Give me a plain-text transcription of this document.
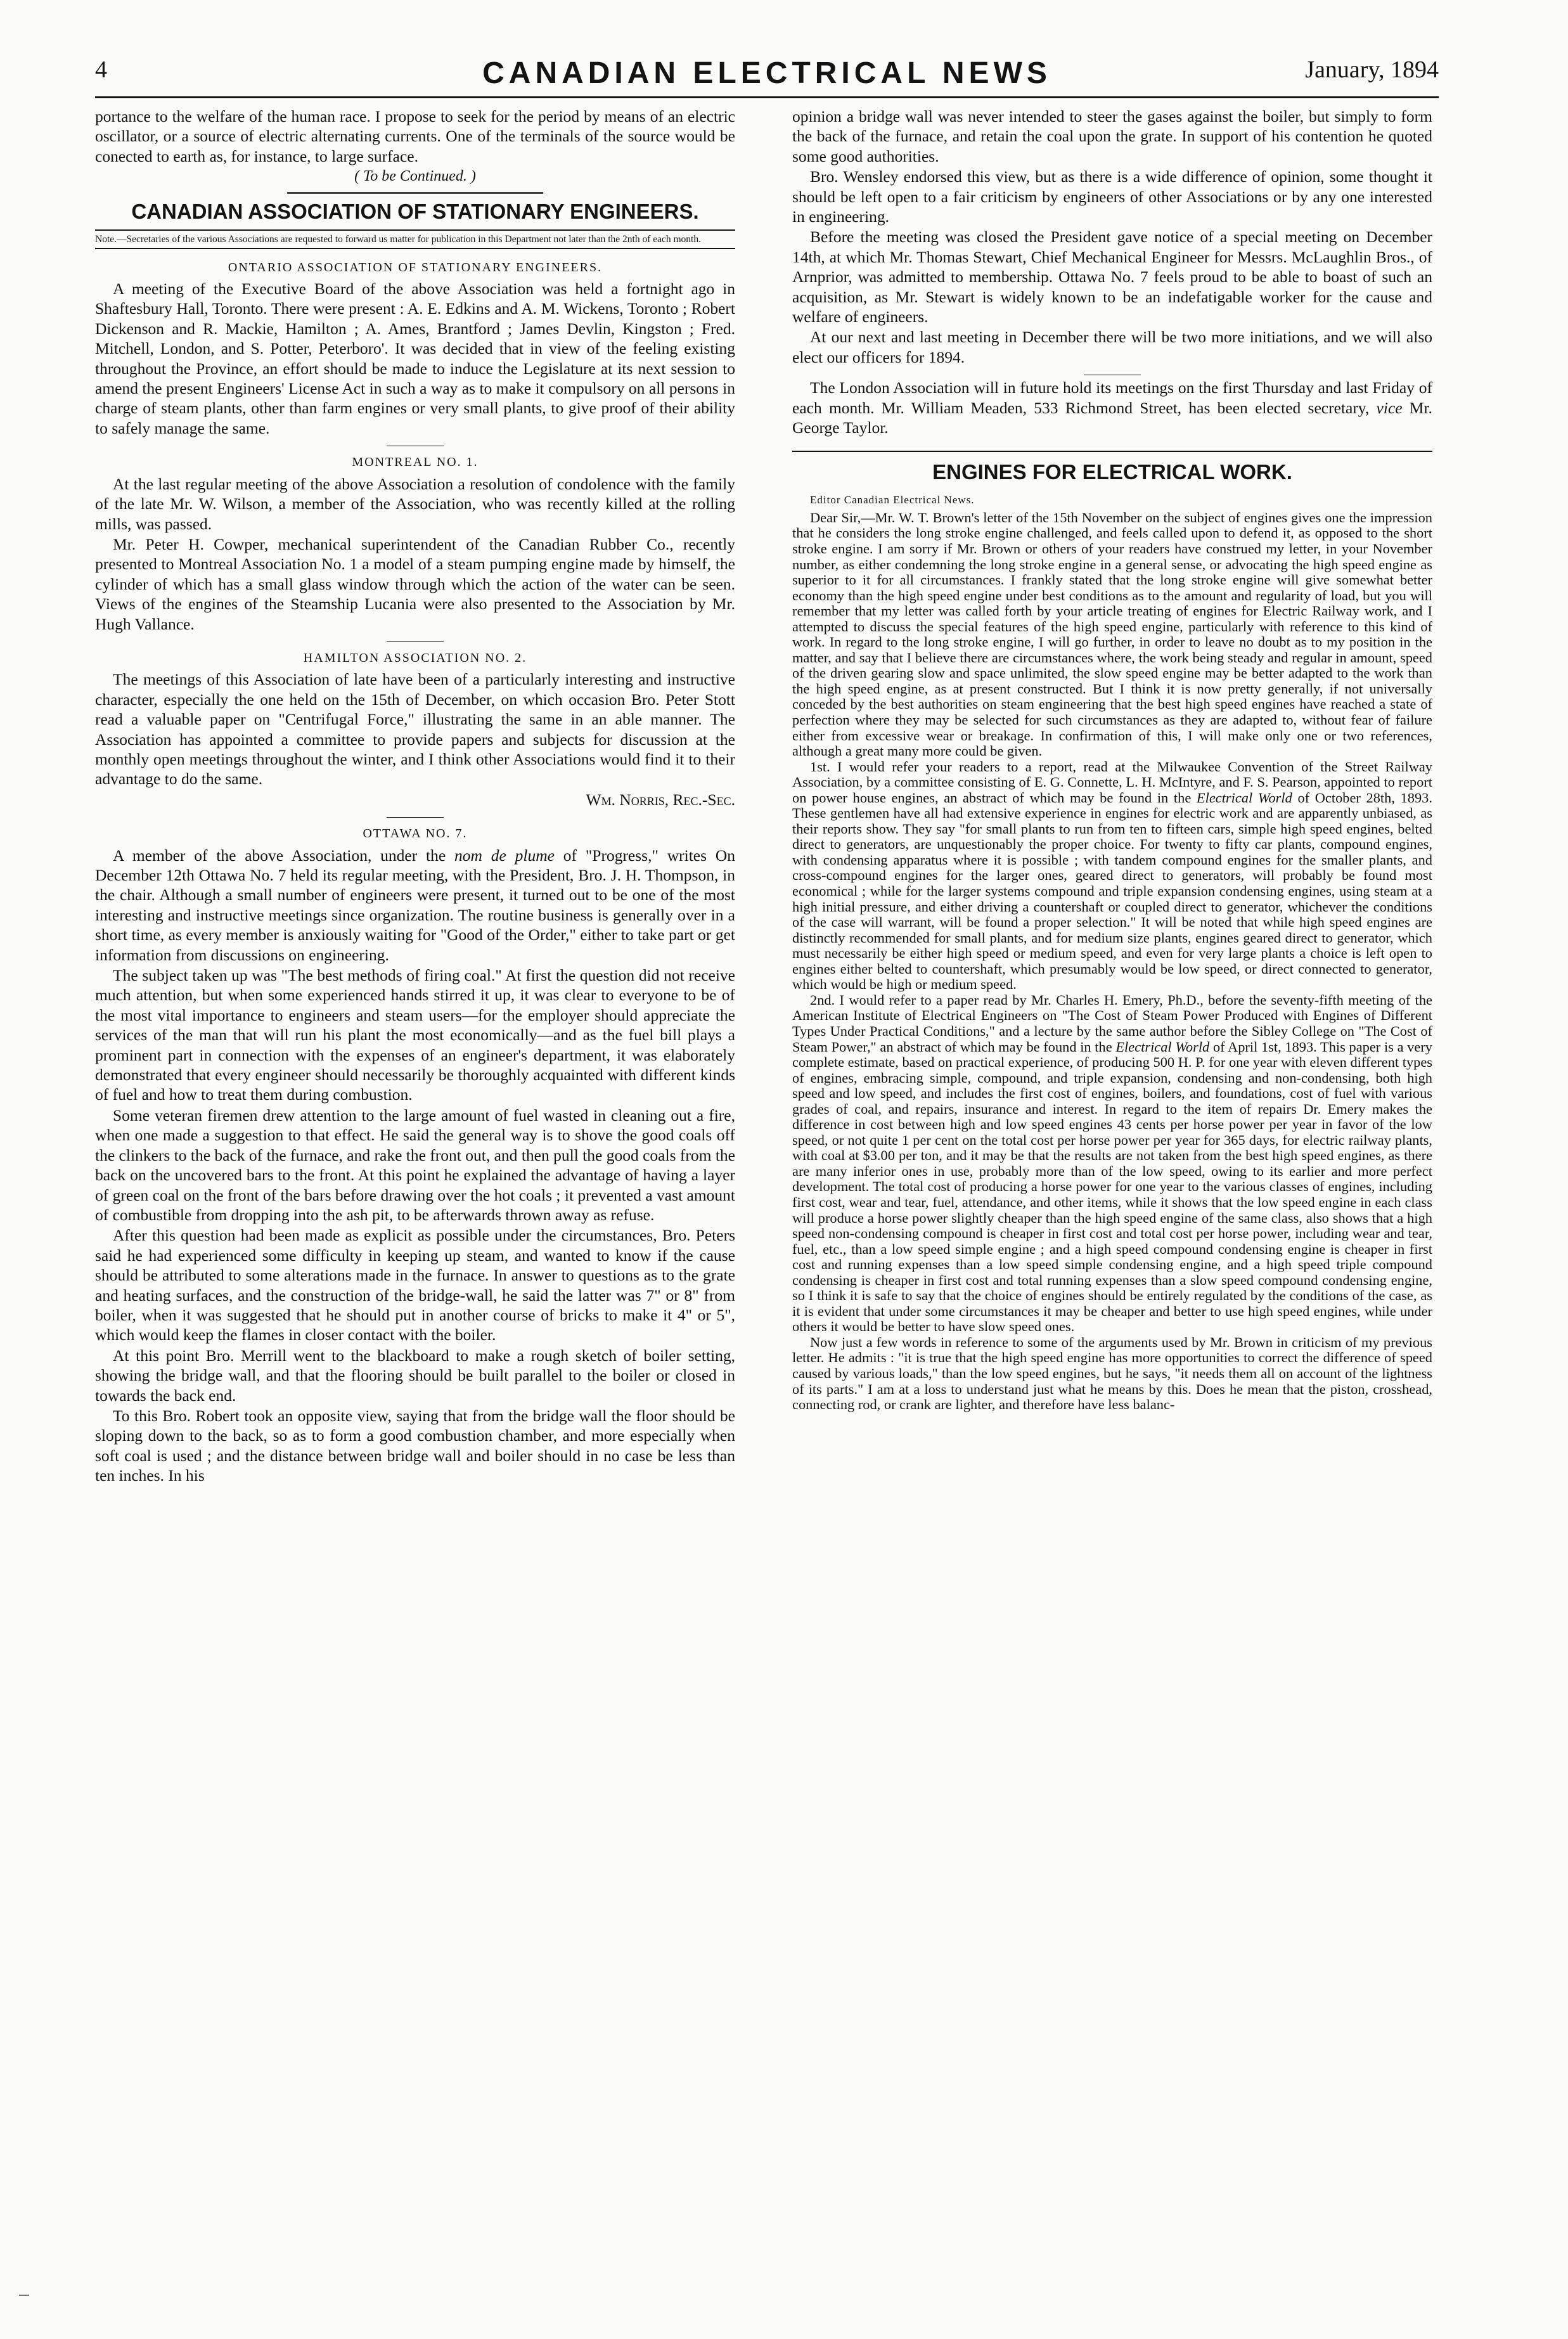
CANADIAN ELECTRICAL NEWS
4	January, 1894

portance to the welfare of the human race. I propose to seek for the period by means of an electric oscillator, or a source of electric alternating currents. One of the terminals of the source would be conected to earth as, for instance, to large surface.

( To be Continued. )
CANADIAN ASSOCIATION OF STATIONARY ENGINEERS.
Note.—Secretaries of the various Associations are requested to forward us matter for publication in this Department not later than the 2nth of each month.
ONTARIO ASSOCIATION OF STATIONARY ENGINEERS.

A meeting of the Executive Board of the above Association was held a fortnight ago in Shaftesbury Hall, Toronto. There were present : A. E. Edkins and A. M. Wickens, Toronto ; Robert Dickenson and R. Mackie, Hamilton ; A. Ames, Brantford ; James Devlin, Kingston ; Fred. Mitchell, London, and S. Potter, Peterboro'. It was decided that in view of the feeling existing throughout the Province, an effort should be made to induce the Legislature at its next session to amend the present Engineers' License Act in such a way as to make it compulsory on all persons in charge of steam plants, other than farm engines or very small plants, to give proof of their ability to safely manage the same.

MONTREAL NO. 1.

At the last regular meeting of the above Association a resolution of condolence with the family of the late Mr. W. Wilson, a member of the Association, who was recently killed at the rolling mills, was passed.

Mr. Peter H. Cowper, mechanical superintendent of the Canadian Rubber Co., recently presented to Montreal Association No. 1 a model of a steam pumping engine made by himself, the cylinder of which has a small glass window through which the action of the water can be seen. Views of the engines of the Steamship Lucania were also presented to the Association by Mr. Hugh Vallance.

HAMILTON ASSOCIATION NO. 2.

The meetings of this Association of late have been of a particularly interesting and instructive character, especially the one held on the 15th of December, on which occasion Bro. Peter Stott read a valuable paper on "Centrifugal Force," illustrating the same in an able manner. The Association has appointed a committee to provide papers and subjects for discussion at the monthly open meetings throughout the winter, and I think other Associations would find it to their advantage to do the same.

Wm. Norris, Rec.-Sec.
OTTAWA NO. 7.

A member of the above Association, under the nom de plume of "Progress," writes On December 12th Ottawa No. 7 held its regular meeting, with the President, Bro. J. H. Thompson, in the chair. Although a small number of engineers were present, it turned out to be one of the most interesting and instructive meetings since organization. The routine business is generally over in a short time, as every member is anxiously waiting for "Good of the Order," either to take part or get information from discussions on engineering.

The subject taken up was "The best methods of firing coal." At first the question did not receive much attention, but when some experienced hands stirred it up, it was clear to everyone to be of the most vital importance to engineers and steam users—for the employer should appreciate the services of the man that will run his plant the most economically—and as the fuel bill plays a prominent part in connection with the expenses of an engineer's department, it was elaborately demonstrated that every engineer should necessarily be thoroughly acquainted with different kinds of fuel and how to treat them during combustion.

Some veteran firemen drew attention to the large amount of fuel wasted in cleaning out a fire, when one made a suggestion to that effect. He said the general way is to shove the good coals off the clinkers to the back of the furnace, and rake the front out, and then pull the good coals from the back on the uncovered bars to the front. At this point he explained the advantage of having a layer of green coal on the front of the bars before drawing over the hot coals ; it prevented a vast amount of combustible from dropping into the ash pit, to be afterwards thrown away as refuse.

After this question had been made as explicit as possible under the circumstances, Bro. Peters said he had experienced some difficulty in keeping up steam, and wanted to know if the cause should be attributed to some alterations made in the furnace. In answer to questions as to the grate and heating surfaces, and the construction of the bridge-wall, he said the latter was 7" or 8" from boiler, when it was suggested that he should put in another course of bricks to make it 4" or 5", which would keep the flames in closer contact with the boiler.

At this point Bro. Merrill went to the blackboard to make a rough sketch of boiler setting, showing the bridge wall, and that the flooring should be built parallel to the boiler or closed in towards the back end.

To this Bro. Robert took an opposite view, saying that from the bridge wall the floor should be sloping down to the back, so as to form a good combustion chamber, and more especially when soft coal is used ; and the distance between bridge wall and boiler should in no case be less than ten inches. In his

opinion a bridge wall was never intended to steer the gases against the boiler, but simply to form the back of the furnace, and retain the coal upon the grate. In support of his contention he quoted some good authorities.

Bro. Wensley endorsed this view, but as there is a wide difference of opinion, some thought it should be left open to a fair criticism by engineers of other Associations or by any one interested in engineering.

Before the meeting was closed the President gave notice of a special meeting on December 14th, at which Mr. Thomas Stewart, Chief Mechanical Engineer for Messrs. McLaughlin Bros., of Arnprior, was admitted to membership. Ottawa No. 7 feels proud to be able to boast of such an acquisition, as Mr. Stewart is widely known to be an indefatigable worker for the cause and welfare of engineers.

At our next and last meeting in December there will be two more initiations, and we will also elect our officers for 1894.

The London Association will in future hold its meetings on the first Thursday and last Friday of each month. Mr. William Meaden, 533 Richmond Street, has been elected secretary, vice Mr. George Taylor.

ENGINES FOR ELECTRICAL WORK.

Editor Canadian Electrical News.

Dear Sir,—Mr. W. T. Brown's letter of the 15th November on the subject of engines gives one the impression that he considers the long stroke engine challenged, and feels called upon to defend it, as opposed to the short stroke engine. I am sorry if Mr. Brown or others of your readers have construed my letter, in your November number, as either condemning the long stroke engine in a general sense, or advocating the high speed engine as superior to it for all circumstances. I frankly stated that the long stroke engine will give somewhat better economy than the high speed engine under best conditions as to the amount and regularity of load, but you will remember that my letter was called forth by your article treating of engines for Electric Railway work, and I attempted to discuss the special features of the high speed engine, particularly with reference to this kind of work. In regard to the long stroke engine, I will go further, in order to leave no doubt as to my position in the matter, and say that I believe there are circumstances where, the work being steady and regular in amount, speed of the driven gearing slow and space unlimited, the slow speed engine may be better adapted to the work than the high speed engine, as at present constructed. But I think it is now pretty generally, if not universally conceded by the best authorities on steam engineering that the best high speed engines have reached a state of perfection where they may be selected for such circumstances as they are adapted to, without fear of failure either from excessive wear or breakage. In confirmation of this, I will make only one or two references, although a great many more could be given.

1st. I would refer your readers to a report, read at the Milwaukee Convention of the Street Railway Association, by a committee consisting of E. G. Connette, L. H. McIntyre, and F. S. Pearson, appointed to report on power house engines, an abstract of which may be found in the Electrical World of October 28th, 1893. These gentlemen have all had extensive experience in engines for electric work and are apparently unbiased, as their reports show. They say "for small plants to run from ten to fifteen cars, simple high speed engines, belted direct to generators, are unquestionably the proper choice. For twenty to fifty car plants, compound engines, with condensing apparatus where it is possible ; with tandem compound engines for the smaller plants, and cross-compound engines for the larger ones, geared direct to generators, will probably be found most economical ; while for the larger systems compound and triple expansion condensing engines, using steam at a high initial pressure, and either driving a countershaft or coupled direct to generator, whichever the conditions of the case will warrant, will be found a proper selection." It will be noted that while high speed engines are distinctly recommended for small plants, and for medium size plants, engines geared direct to generator, which must necessarily be either high speed or medium speed, and even for very large plants a choice is left open to engines either belted to countershaft, which presumably would be low speed, or direct connected to generator, which would be high or medium speed.

2nd. I would refer to a paper read by Mr. Charles H. Emery, Ph.D., before the seventy-fifth meeting of the American Institute of Electrical Engineers on "The Cost of Steam Power Produced with Engines of Different Types Under Practical Conditions," and a lecture by the same author before the Sibley College on "The Cost of Steam Power," an abstract of which may be found in the Electrical World of April 1st, 1893. This paper is a very complete estimate, based on practical experience, of producing 500 H. P. for one year with eleven different types of engines, embracing simple, compound, and triple expansion, condensing and non-condensing, both high speed and low speed, and includes the first cost of engines, boilers, and foundations, cost of fuel with various grades of coal, and repairs, insurance and interest. In regard to the item of repairs Dr. Emery makes the difference in cost between high and low speed engines 43 cents per horse power per year in favor of the low speed, or not quite 1 per cent on the total cost per horse power per year for 365 days, for electric railway plants, with coal at $3.00 per ton, and it may be that the results are not taken from the best high speed engines, as there are many inferior ones in use, probably more than of the low speed, owing to its earlier and more perfect development. The total cost of producing a horse power for one year to the various classes of engines, including first cost, wear and tear, fuel, attendance, and other items, while it shows that the low speed engine in each class will produce a horse power slightly cheaper than the high speed engine of the same class, also shows that a high speed non-condensing compound is cheaper in first cost and total cost per horse power, including wear and tear, fuel, etc., than a low speed simple engine ; and a high speed compound condensing engine is cheaper in first cost and running expenses than a low speed simple condensing engine, and a high speed triple compound condensing is cheaper in first cost and total running expenses than a slow speed compound condensing engine, so I think it is safe to say that the choice of engines should be entirely regulated by the conditions of the case, as it is evident that under some circumstances it may be cheaper and better to use high speed engines, while under others it would be better to have slow speed ones.

Now just a few words in reference to some of the arguments used by Mr. Brown in criticism of my previous letter. He admits : "it is true that the high speed engine has more opportunities to correct the difference of speed caused by various loads," than the low speed engines, but he says, "it needs them all on account of the lightness of its parts." I am at a loss to understand just what he means by this. Does he mean that the piston, crosshead, connecting rod, or crank are lighter, and therefore have less balanc-
